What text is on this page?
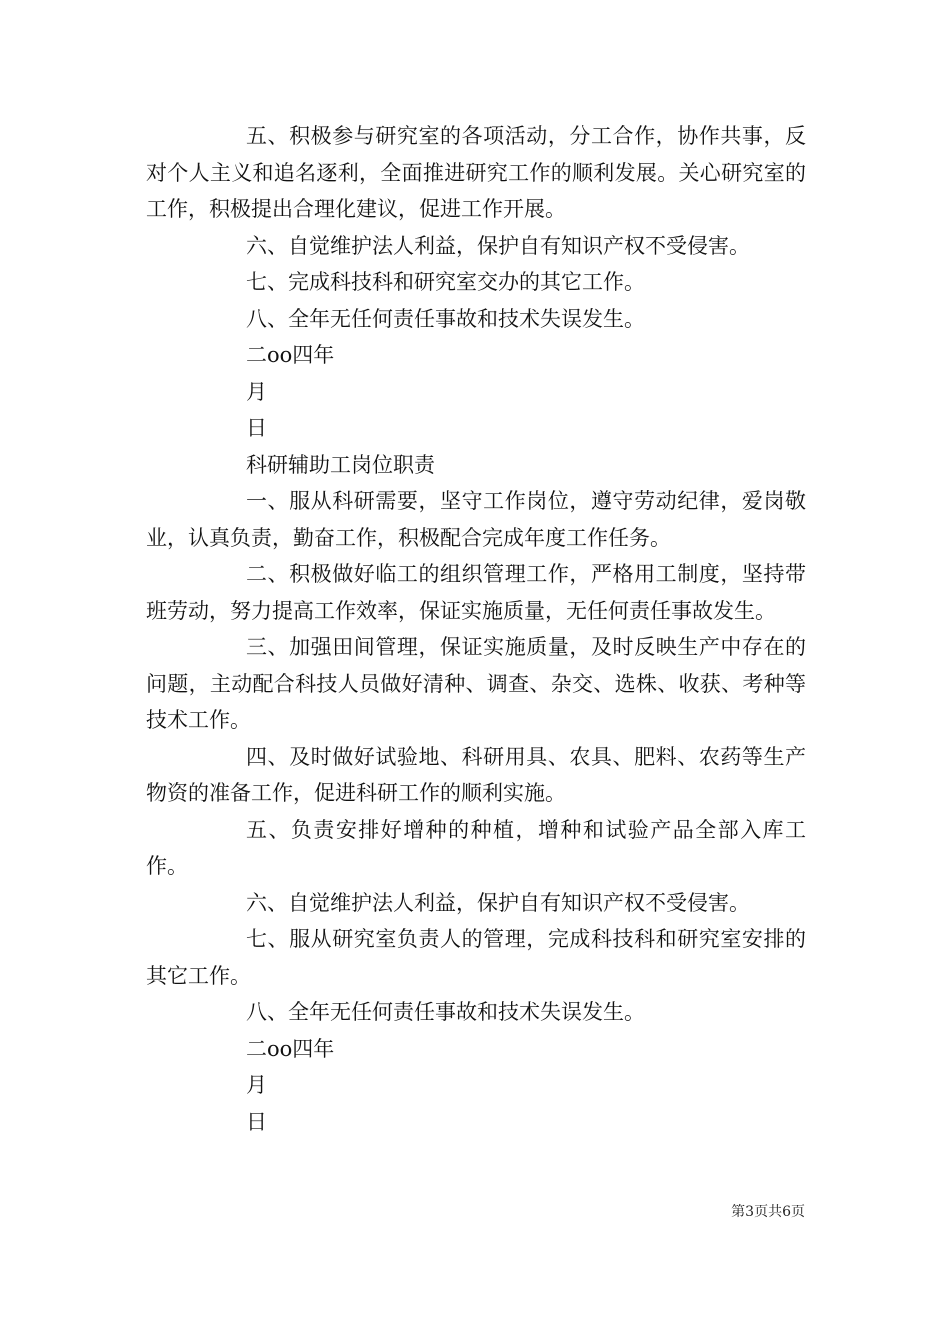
五、积极参与研究室的各项活动，分工合作，协作共事，反对个人主义和追名逐利，全面推进研究工作的顺利发展。关心研究室的工作，积极提出合理化建议，促进工作开展。

六、自觉维护法人利益，保护自有知识产权不受侵害。

七、完成科技科和研究室交办的其它工作。

八、全年无任何责任事故和技术失误发生。

二oo四年

月

日

科研辅助工岗位职责

一、服从科研需要，坚守工作岗位，遵守劳动纪律，爱岗敬业，认真负责，勤奋工作，积极配合完成年度工作任务。

二、积极做好临工的组织管理工作，严格用工制度，坚持带班劳动，努力提高工作效率，保证实施质量，无任何责任事故发生。

三、加强田间管理，保证实施质量，及时反映生产中存在的问题，主动配合科技人员做好清种、调查、杂交、选株、收获、考种等技术工作。

四、及时做好试验地、科研用具、农具、肥料、农药等生产物资的准备工作，促进科研工作的顺利实施。

五、负责安排好增种的种植，增种和试验产品全部入库工作。

六、自觉维护法人利益，保护自有知识产权不受侵害。

七、服从研究室负责人的管理，完成科技科和研究室安排的其它工作。

八、全年无任何责任事故和技术失误发生。

二oo四年

月

日

第3页共6页
